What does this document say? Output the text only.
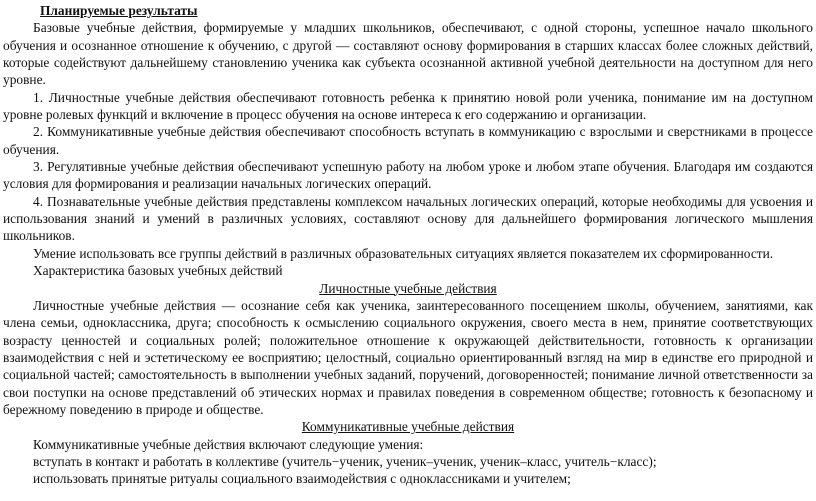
Планируемые результаты

Базовые учебные действия, формируемые у младших школьников, обеспечивают, с одной стороны, успешное начало школьного обучения и осознанное отношение к обучению, с другой — составляют основу формирования в старших классах более сложных действий, которые содействуют дальнейшему становлению ученика как субъекта осознанной активной учебной деятельности на доступном для него уровне.

1. Личностные учебные действия обеспечивают готовность ребенка к принятию новой роли ученика, понимание им на доступном уровне ролевых функций и включение в процесс обучения на основе интереса к его содержанию и организации.

2. Коммуникативные учебные действия обеспечивают способность вступать в коммуникацию с взрослыми и сверстниками в процессе обучения.

3. Регулятивные учебные действия обеспечивают успешную работу на любом уроке и любом этапе обучения. Благодаря им создаются условия для формирования и реализации начальных логических операций.

4. Познавательные учебные действия представлены комплексом начальных логических операций, которые необходимы для усвоения и использования знаний и умений в различных условиях, составляют основу для дальнейшего формирования логического мышления школьников.

Умение использовать все группы действий в различных образовательных ситуациях является показателем их сформированности.

Характеристика базовых учебных действий

Личностные учебные действия

Личностные учебные действия — осознание себя как ученика, заинтересованного посещением школы, обучением, занятиями, как члена семьи, одноклассника, друга; способность к осмыслению социального окружения, своего места в нем, принятие соответствующих возрасту ценностей и социальных ролей; положительное отношение к окружающей действительности, готовность к организации взаимодействия с ней и эстетическому ее восприятию; целостный, социально ориентированный взгляд на мир в единстве его природной и социальной частей; самостоятельность в выполнении учебных заданий, поручений, договоренностей; понимание личной ответственности за свои поступки на основе представлений об этических нормах и правилах поведения в современном обществе; готовность к безопасному и бережному поведению в природе и обществе.

Коммуникативные учебные действия

Коммуникативные учебные действия включают следующие умения:

вступать в контакт и работать в коллективе (учитель−ученик, ученик–ученик, ученик–класс, учитель−класс);

использовать принятые ритуалы социального взаимодействия с одноклассниками и учителем;
